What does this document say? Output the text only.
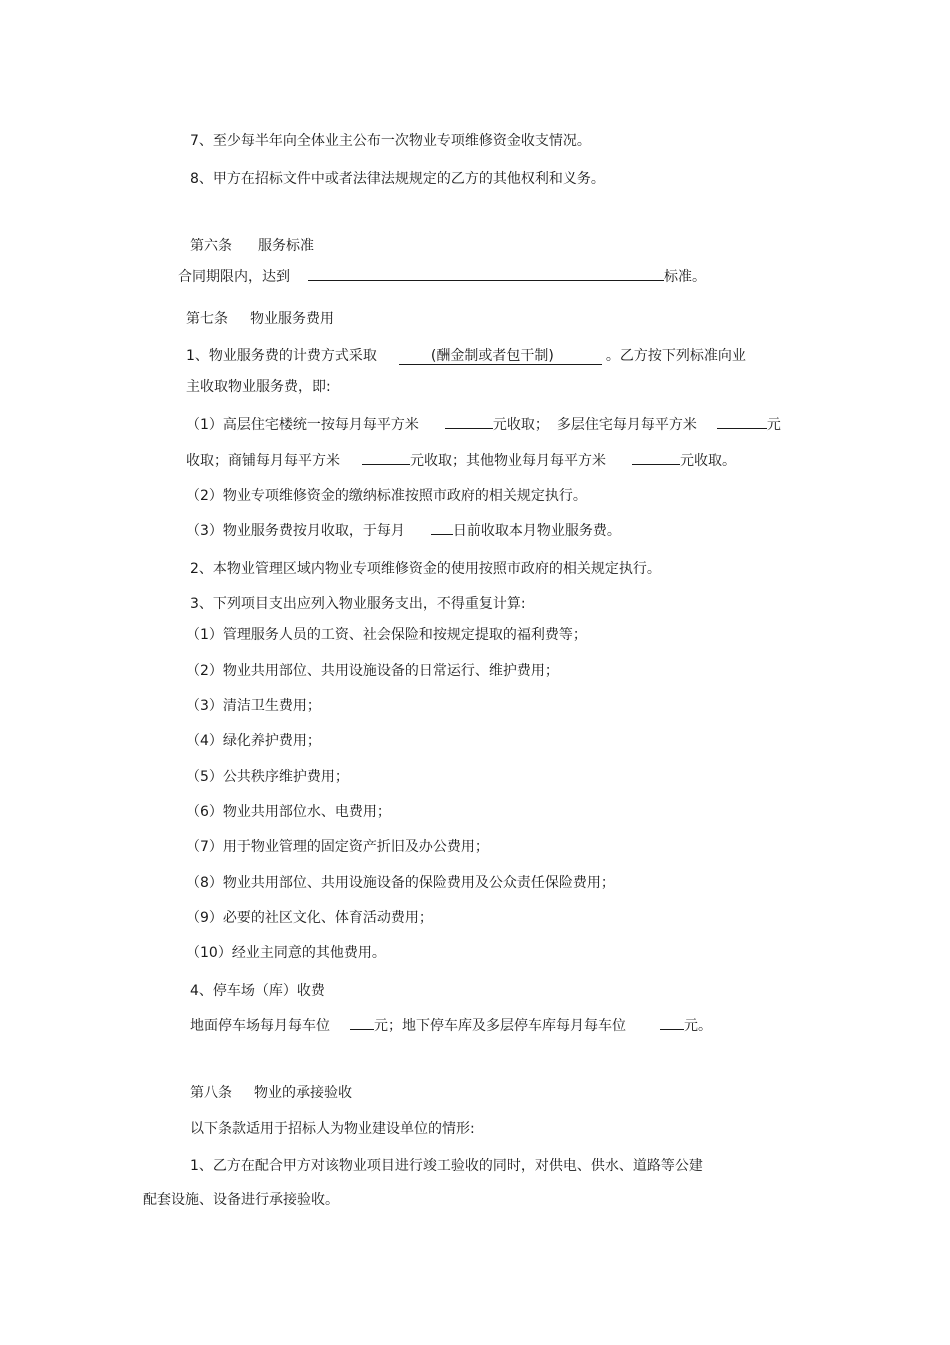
7、至少每半年向全体业主公布一次物业专项维修资金收支情况。

8、甲方在招标文件中或者法律法规规定的乙方的其他权利和义务。

第六条 服务标准

合同期限内，达到	标准。

第七条 物业服务费用

1、物业服务费的计费方式采取	(酬金制或者包干制)	。乙方按下列标准向业

主收取物业服务费，即:

（1）高层住宅楼统一按每月每平方米	元收取； 多层住宅每月每平方米	元

收取；商铺每月每平方米	元收取；其他物业每月每平方米	元收取。

（2）物业专项维修资金的缴纳标准按照市政府的相关规定执行。

（3）物业服务费按月收取，于每月	日前收取本月物业服务费。

2、本物业管理区域内物业专项维修资金的使用按照市政府的相关规定执行。

3、下列项目支出应列入物业服务支出，不得重复计算:

（1）管理服务人员的工资、社会保险和按规定提取的福利费等；

（2）物业共用部位、共用设施设备的日常运行、维护费用；

（3）清洁卫生费用；

（4）绿化养护费用；

（5）公共秩序维护费用；

（6）物业共用部位水、电费用；

（7）用于物业管理的固定资产折旧及办公费用；

（8）物业共用部位、共用设施设备的保险费用及公众责任保险费用；

（9）必要的社区文化、体育活动费用；

（10）经业主同意的其他费用。

4、停车场（库）收费

地面停车场每月每车位	元；地下停车库及多层停车库每月每车位	元。

第八条 物业的承接验收

以下条款适用于招标人为物业建设单位的情形:

1、乙方在配合甲方对该物业项目进行竣工验收的同时，对供电、供水、道路等公建

配套设施、设备进行承接验收。
